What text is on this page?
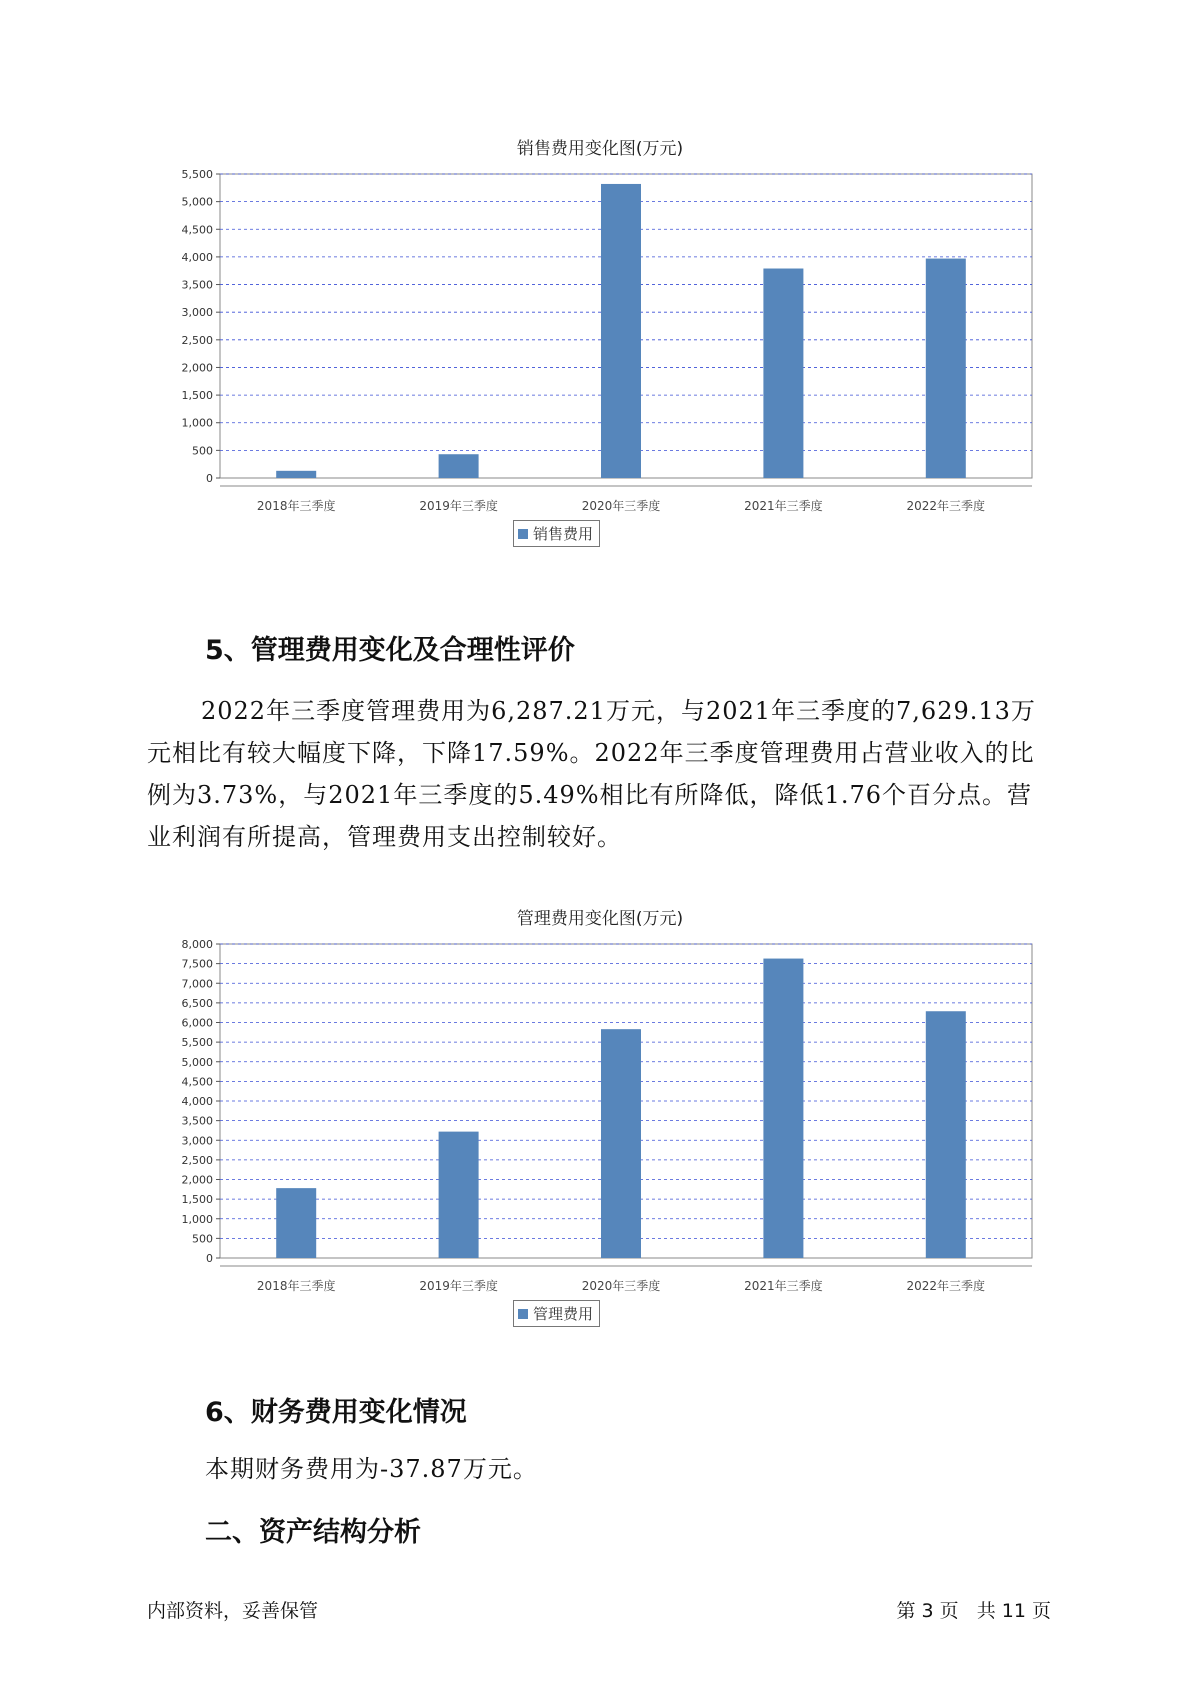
销售费用变化图(万元)
0
500
1,000
1,500
2,000
2,500
3,000
3,500
4,000
4,500
5,000
5,500
2018年三季度	2019年三季度	2020年三季度	2021年三季度	2022年三季度
销售费用
5、管理费用变化及合理性评价

2022年三季度管理费用为6,287.21万元，与2021年三季度的7,629.13万元相比有较大幅度下降，下降17.59%。2022年三季度管理费用占营业收入的比例为3.73%，与2021年三季度的5.49%相比有所降低，降低1.76个百分点。营业利润有所提高，管理费用支出控制较好。

管理费用变化图(万元)
0
500
1,000
1,500
2,000
2,500
3,000
3,500
4,000
4,500
5,000
5,500
6,000
6,500
7,000
7,500
8,000
2018年三季度	2019年三季度	2020年三季度	2021年三季度	2022年三季度
管理费用
6、财务费用变化情况

本期财务费用为-37.87万元。

二、资产结构分析
内部资料，妥善保管	第 3 页   共 11 页
